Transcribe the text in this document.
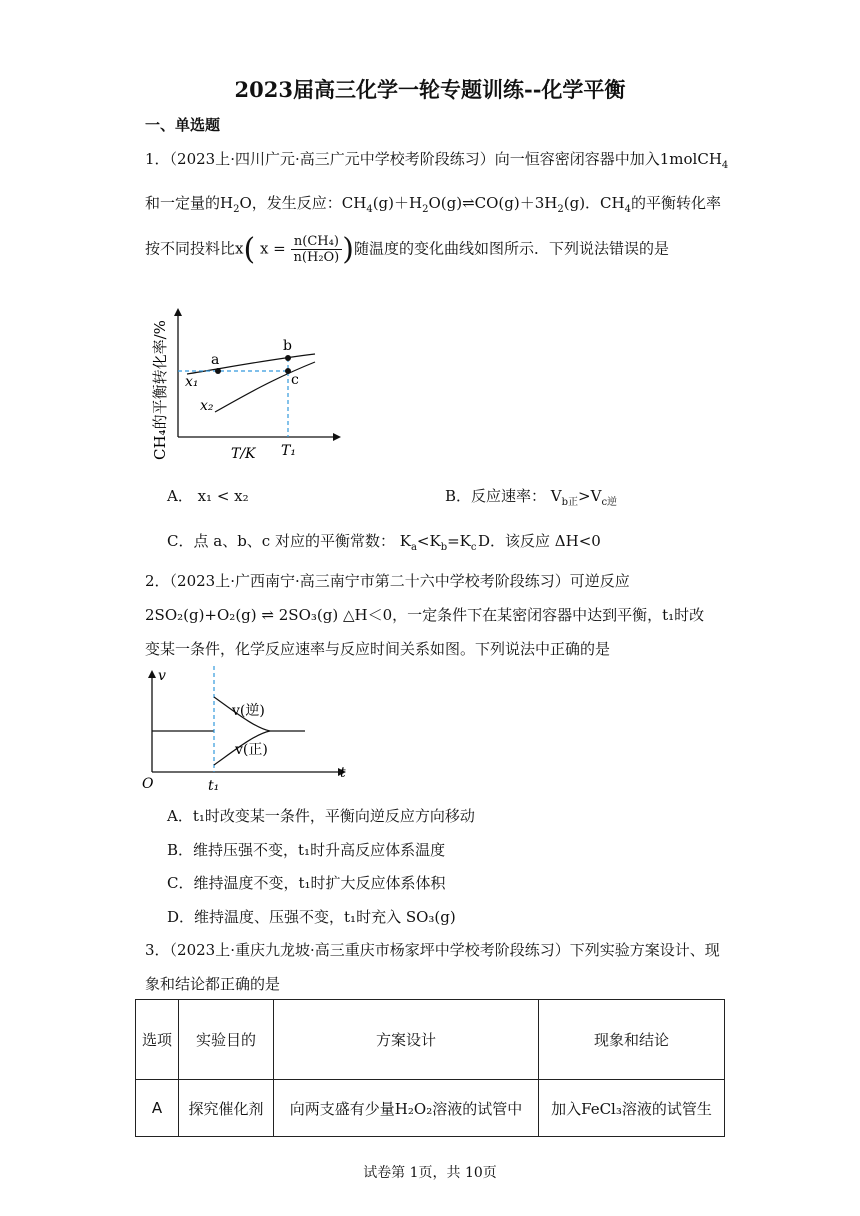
2023届高三化学一轮专题训练--化学平衡
一、单选题
1．（2023上·四川广元·高三广元中学校考阶段练习）向一恒容密闭容器中加入1molCH$_4$
和一定量的$H_2O$，发生反应：$CH_4(g)+H_2O(g)\rightleftharpoons CO(g)+3H_2(g)$．$CH_4$的平衡转化率
按不同投料比x( $x = \frac{\text{n(CH₄)}}{\text{n(H₂O)}}$ )随温度的变化曲线如图所示．下列说法错误的是
a
b
c
x₁
x₂
T/K T₁
CH₄的平衡转化率/%
A． x₁ < x₂	B．反应速率： $V_{b正}>V_{c逆}$
C．点 a、b、c 对应的平衡常数： $K_a<K_b=K_c$ D．该反应 ΔH<0
2．（2023上·广西南宁·高三南宁市第二十六中学校考阶段练习）可逆反应
2SO₂(g)+O₂(g) ⇌ 2SO₃(g) △H＜0，一定条件下在某密闭容器中达到平衡，t₁时改
变某一条件，化学反应速率与反应时间关系如图。下列说法中正确的是
v
t
O	t₁
v(逆)
v(正)
A．t₁时改变某一条件，平衡向逆反应方向移动
B．维持压强不变，t₁时升高反应体系温度
C．维持温度不变，t₁时扩大反应体系体积
D．维持温度、压强不变，t₁时充入 SO₃(g)
3．（2023上·重庆九龙坡·高三重庆市杨家坪中学校考阶段练习）下列实验方案设计、现
象和结论都正确的是
选项	实验目的	方案设计	现象和结论
A	探究催化剂	向两支盛有少量H₂O₂溶液的试管中	加入FeCl₃溶液的试管生
试卷第 1页，共 10页
